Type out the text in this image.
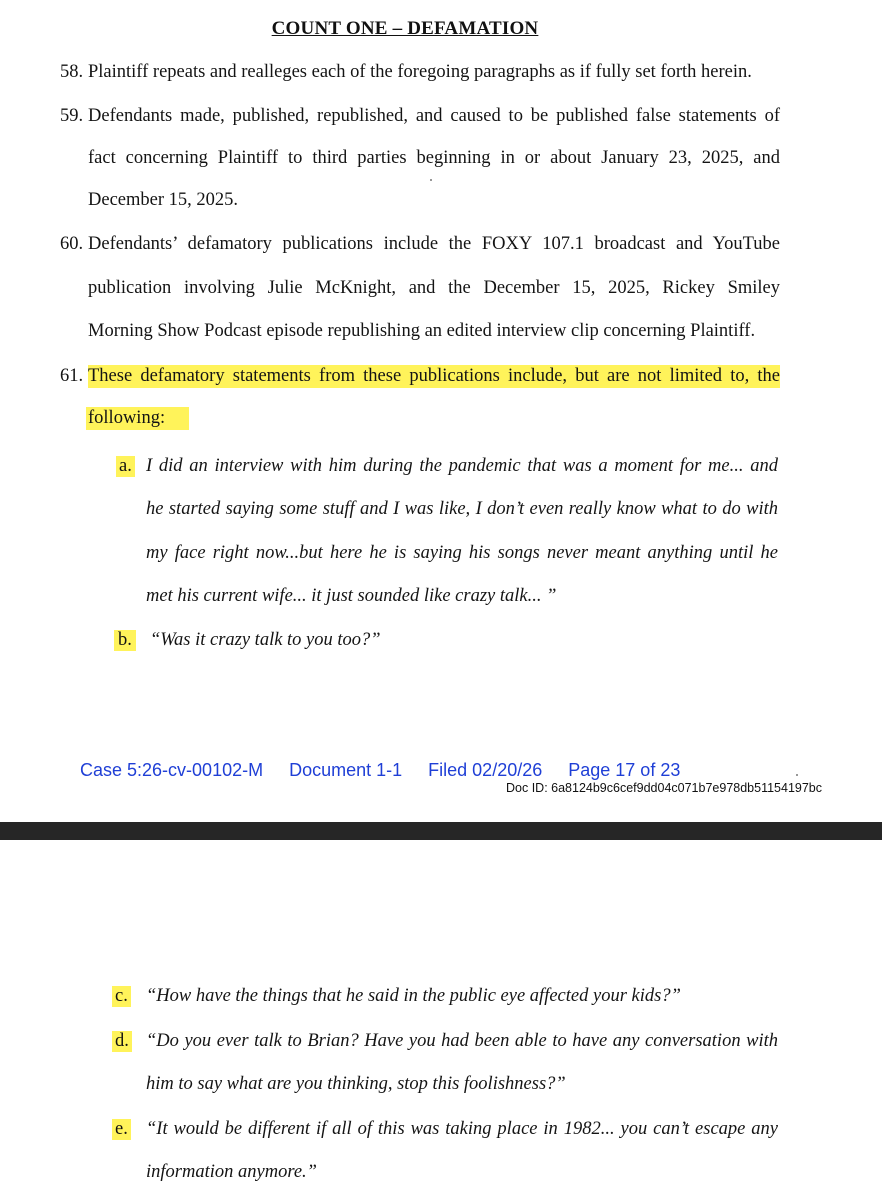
COUNT ONE – DEFAMATION
58. Plaintiff repeats and realleges each of the foregoing paragraphs as if fully set forth herein.
59. Defendants made, published, republished, and caused to be published false statements of
fact concerning Plaintiff to third parties beginning in or about January 23, 2025, and
December 15, 2025.
60. Defendants’ defamatory publications include the FOXY 107.1 broadcast and YouTube
publication involving Julie McKnight, and the December 15, 2025, Rickey Smiley
Morning Show Podcast episode republishing an edited interview clip concerning Plaintiff.
61. These defamatory statements from these publications include, but are not limited to, the
following:
a. I did an interview with him during the pandemic that was a moment for me... and
he started saying some stuff and I was like, I don’t even really know what to do with
my face right now...but here he is saying his songs never meant anything until he
met his current wife... it just sounded like crazy talk... ”
b. “Was it crazy talk to you too?”
Case 5:26-cv-00102-M Document 1-1 Filed 02/20/26 Page 17 of 23
Doc ID: 6a8124b9c6cef9dd04c071b7e978db51154197bc
c. “How have the things that he said in the public eye affected your kids?”
d. “Do you ever talk to Brian? Have you had been able to have any conversation with
him to say what are you thinking, stop this foolishness?”
e. “It would be different if all of this was taking place in 1982... you can’t escape any
information anymore.”
